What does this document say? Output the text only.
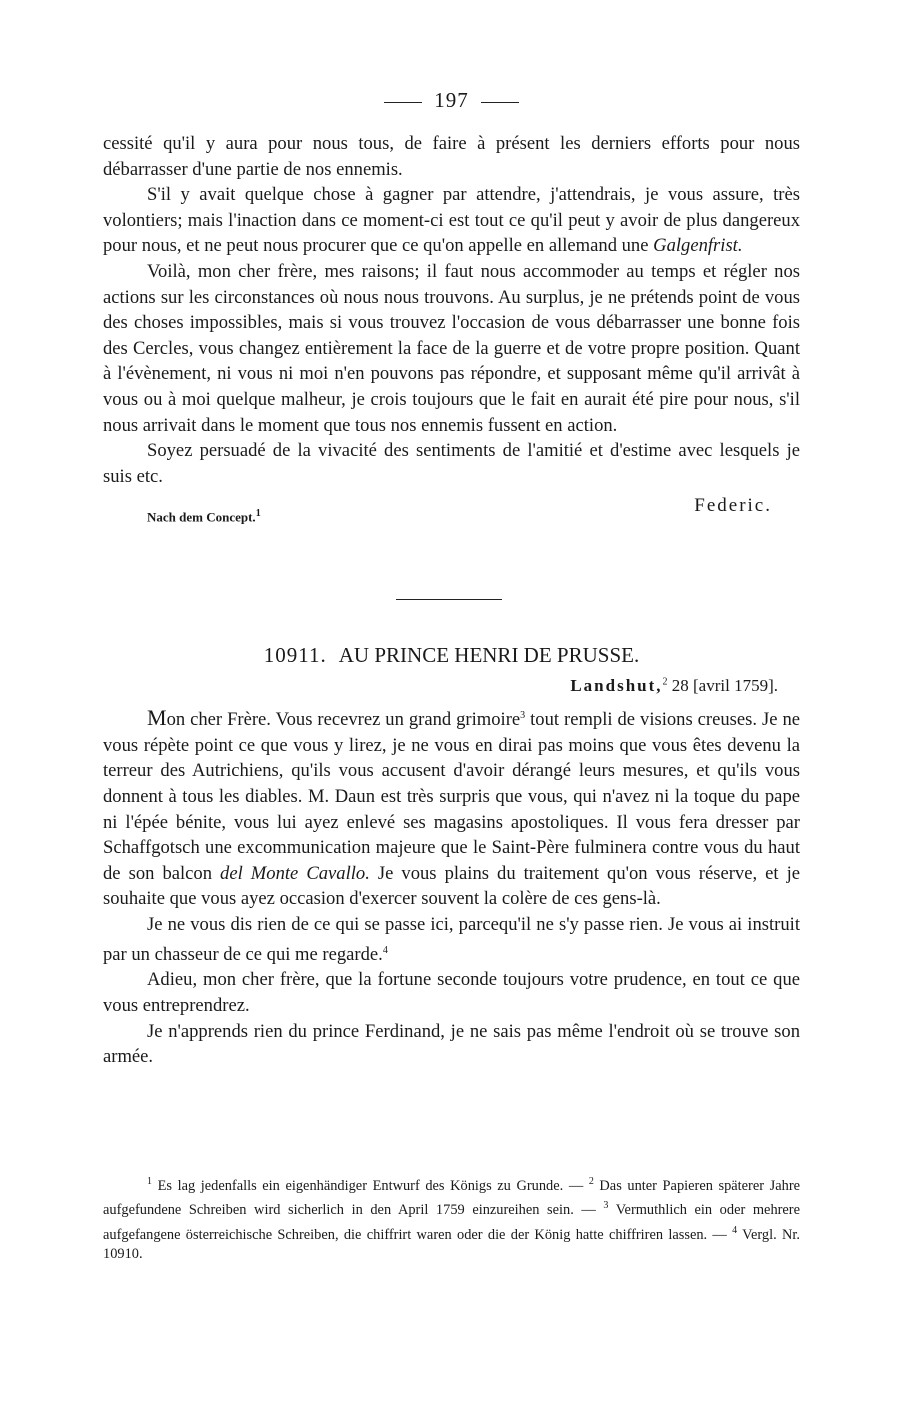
197

cessité qu'il y aura pour nous tous, de faire à présent les derniers efforts pour nous débarrasser d'une partie de nos ennemis.

S'il y avait quelque chose à gagner par attendre, j'attendrais, je vous assure, très volontiers; mais l'inaction dans ce moment-ci est tout ce qu'il peut y avoir de plus dangereux pour nous, et ne peut nous procurer que ce qu'on appelle en allemand une Galgenfrist.

Voilà, mon cher frère, mes raisons; il faut nous accommoder au temps et régler nos actions sur les circonstances où nous nous trouvons. Au surplus, je ne prétends point de vous des choses impossibles, mais si vous trouvez l'occasion de vous débarrasser une bonne fois des Cercles, vous changez entièrement la face de la guerre et de votre propre position. Quant à l'évènement, ni vous ni moi n'en pouvons pas répondre, et supposant même qu'il arrivât à vous ou à moi quelque malheur, je crois toujours que le fait en aurait été pire pour nous, s'il nous arrivait dans le moment que tous nos ennemis fussent en action.

Soyez persuadé de la vivacité des sentiments de l'amitié et d'estime avec lesquels je suis etc.

Nach dem Concept.$^1$	Federic.
10911. AU PRINCE HENRI DE PRUSSE.
Landshut,$^2$ 28 [avril 1759].

Mon cher Frère. Vous recevrez un grand grimoire$^3$ tout rempli de visions creuses. Je ne vous répète point ce que vous y lirez, je ne vous en dirai pas moins que vous êtes devenu la terreur des Autrichiens, qu'ils vous accusent d'avoir dérangé leurs mesures, et qu'ils vous donnent à tous les diables. M. Daun est très surpris que vous, qui n'avez ni la toque du pape ni l'épée bénite, vous lui ayez enlevé ses magasins apostoliques. Il vous fera dresser par Schaffgotsch une excommunication majeure que le Saint-Père fulminera contre vous du haut de son balcon del Monte Cavallo. Je vous plains du traitement qu'on vous réserve, et je souhaite que vous ayez occasion d'exercer souvent la colère de ces gens-là.

Je ne vous dis rien de ce qui se passe ici, parcequ'il ne s'y passe rien. Je vous ai instruit par un chasseur de ce qui me regarde.$^4$

Adieu, mon cher frère, que la fortune seconde toujours votre prudence, en tout ce que vous entreprendrez.

Je n'apprends rien du prince Ferdinand, je ne sais pas même l'endroit où se trouve son armée.

$^1$ Es lag jedenfalls ein eigenhändiger Entwurf des Königs zu Grunde. — $^2$ Das unter Papieren späterer Jahre aufgefundene Schreiben wird sicherlich in den April 1759 einzureihen sein. — $^3$ Vermuthlich ein oder mehrere aufgefangene österreichische Schreiben, die chiffrirt waren oder die der König hatte chiffriren lassen. — $^4$ Vergl. Nr. 10910.
